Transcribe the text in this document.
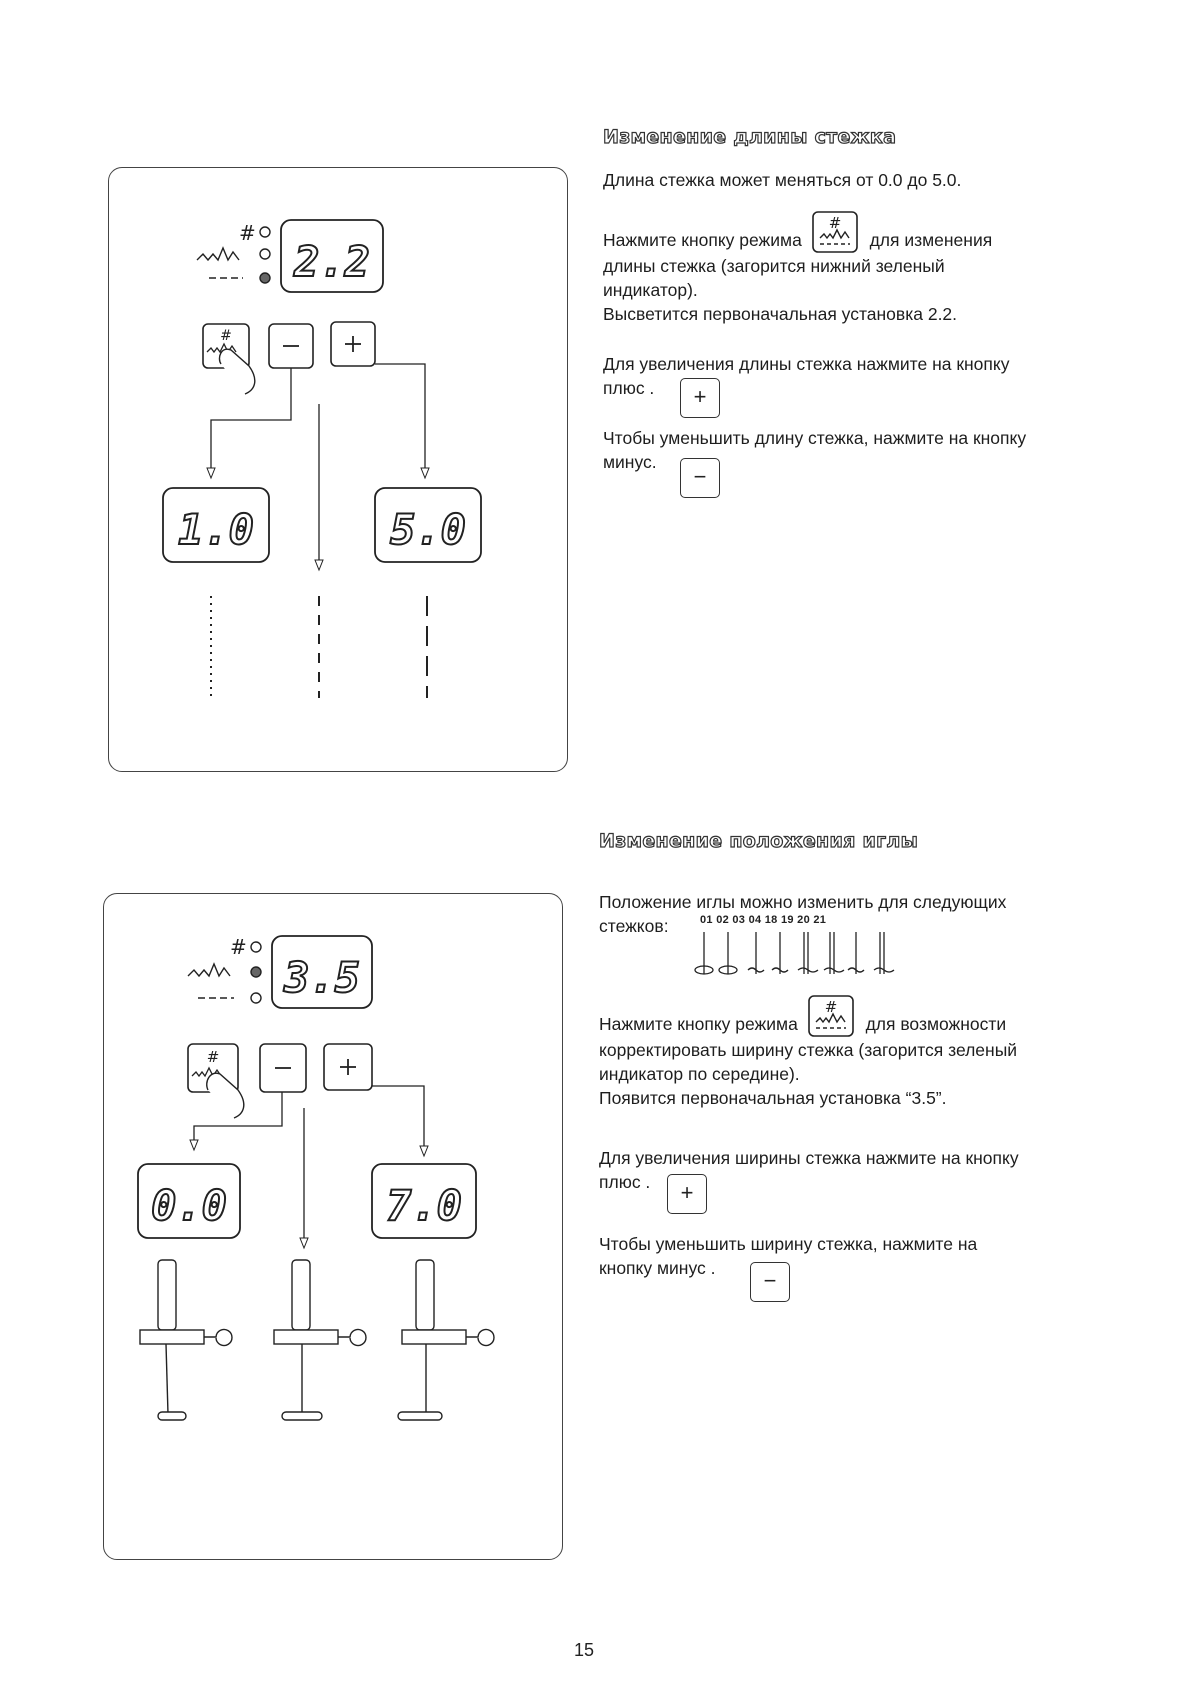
Изменение длины стежка

Длина стежка может меняться от 0.0 до 5.0.

Нажмите кнопку режима
#
для изменения

длины стежка (загорится нижний зеленый

индикатор).

Высветится первоначальная установка 2.2.

Для увеличения длины стежка нажмите на кнопку

плюс .	+

Чтобы уменьшить длину стежка, нажмите на кнопку

минус.

−
#
2.2
#
1.0	5.0
Изменение положения иглы

Положение иглы можно изменить для следующих

стежков:	01 02 03 04 18 19 20 21

Нажмите кнопку режима
#
для возможности

корректировать ширину стежка (загорится зеленый

индикатор по середине).

Появится первоначальная установка “3.5”.

Для увеличения ширины стежка нажмите на кнопку

плюс .	+

Чтобы уменьшить ширину стежка, нажмите на

кнопку минус .	−
#
3.5
#
0.0	7.0
15
